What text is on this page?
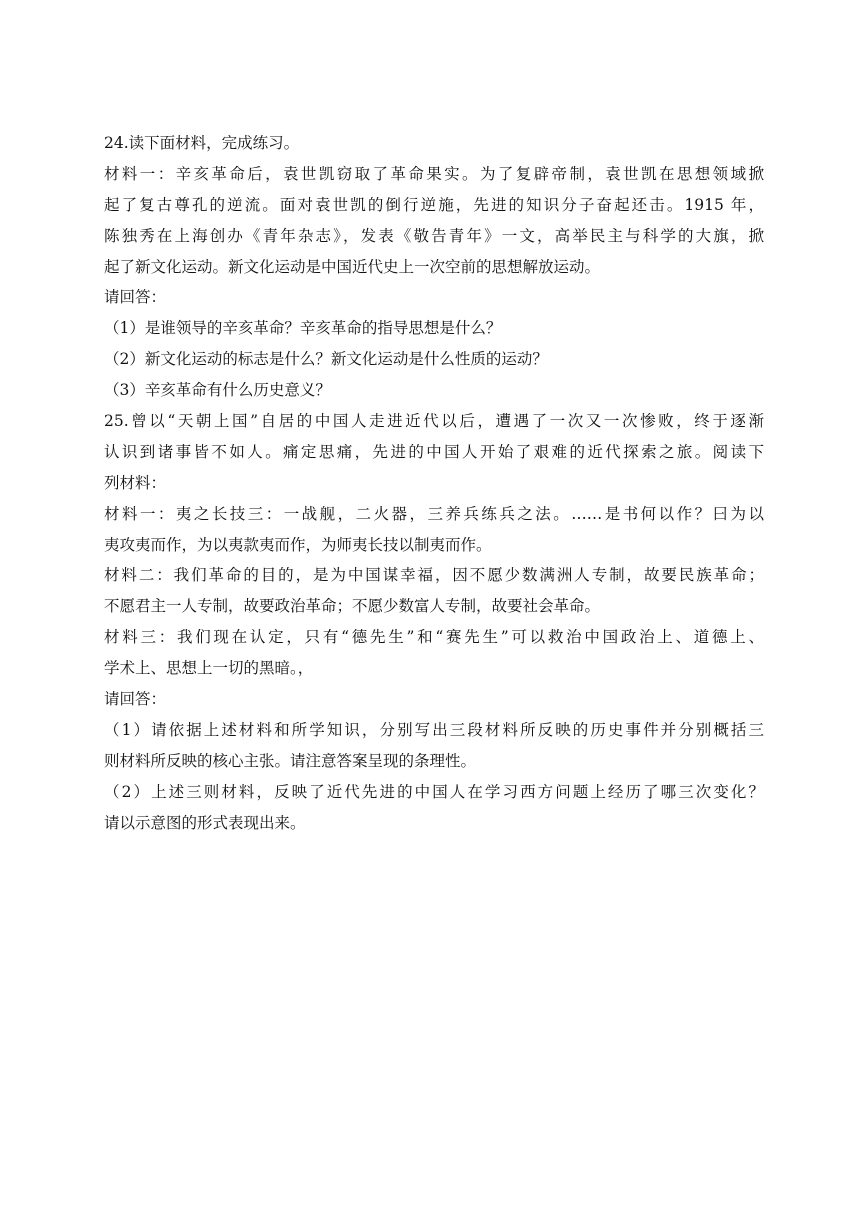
24.读下面材料，完成练习。
材料一：辛亥革命后，袁世凯窃取了革命果实。为了复辟帝制，袁世凯在思想领域掀
起了复古尊孔的逆流。面对袁世凯的倒行逆施，先进的知识分子奋起还击。1915 年，
陈独秀在上海创办《青年杂志》，发表《敬告青年》一文，高举民主与科学的大旗，掀
起了新文化运动。新文化运动是中国近代史上一次空前的思想解放运动。
请回答：
（1）是谁领导的辛亥革命？辛亥革命的指导思想是什么？
（2）新文化运动的标志是什么？新文化运动是什么性质的运动？
（3）辛亥革命有什么历史意义？
25.曾以“天朝上国”自居的中国人走进近代以后，遭遇了一次又一次惨败，终于逐渐
认识到诸事皆不如人。痛定思痛，先进的中国人开始了艰难的近代探索之旅。阅读下
列材料：
材料一：夷之长技三：一战舰，二火器，三养兵练兵之法。……是书何以作？曰为以
夷攻夷而作，为以夷款夷而作，为师夷长技以制夷而作。
材料二：我们革命的目的，是为中国谋幸福，因不愿少数满洲人专制，故要民族革命；
不愿君主一人专制，故要政治革命；不愿少数富人专制，故要社会革命。
材料三：我们现在认定，只有“德先生”和“赛先生”可以救治中国政治上、道德上、
学术上、思想上一切的黑暗。，
请回答：
（1）请依据上述材料和所学知识，分别写出三段材料所反映的历史事件并分别概括三
则材料所反映的核心主张。请注意答案呈现的条理性。
（2）上述三则材料，反映了近代先进的中国人在学习西方问题上经历了哪三次变化？
请以示意图的形式表现出来。
